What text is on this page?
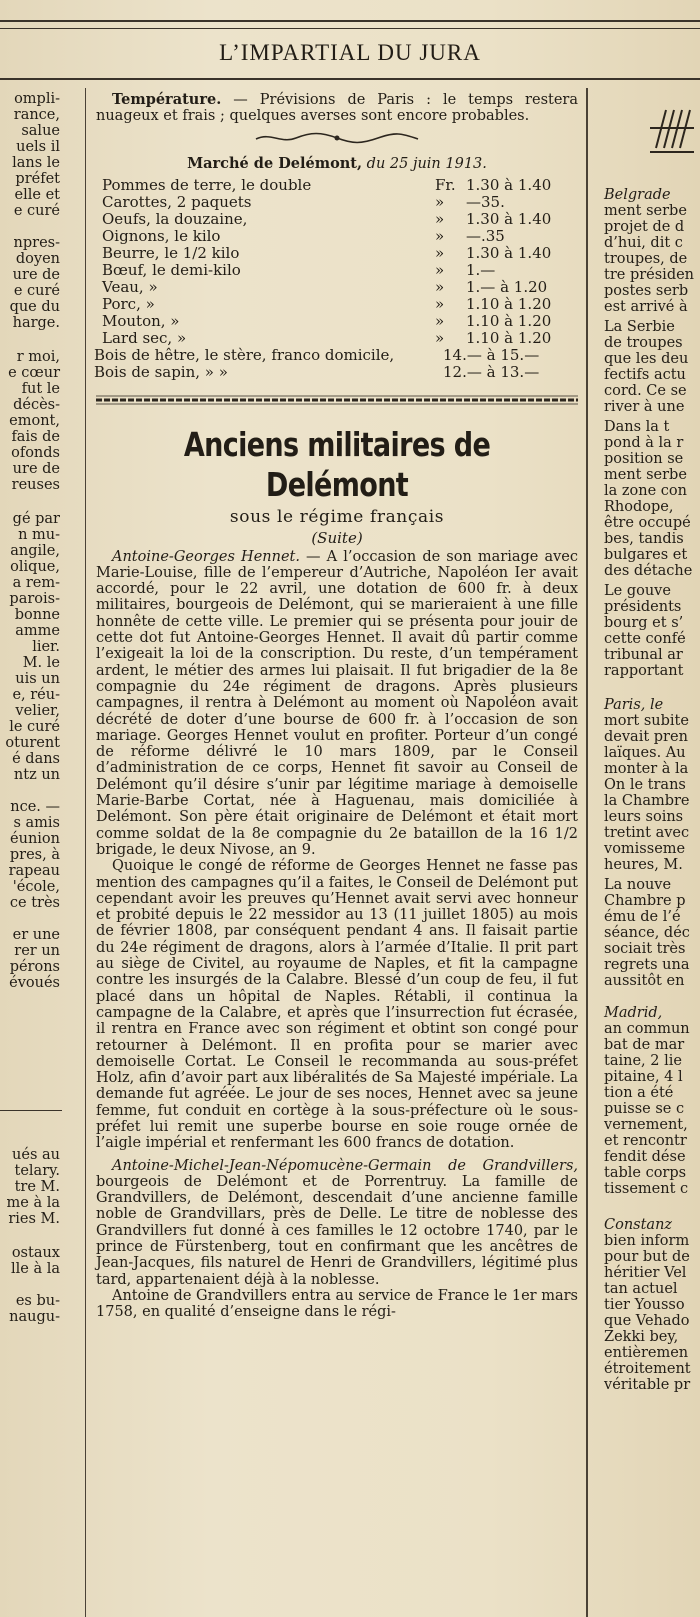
L’IMPARTIAL DU JURA
ompli-
rance,
salue
uels il
lans le
préfet
elle et
e curé
npres-
doyen
ure de
e curé
que du
harge.
r moi,
e cœur
fut le
décès-
emont,
fais de
ofonds
ure de
reuses
gé par
n mu-
angile,
olique,
a rem-
parois-
bonne
amme
lier.
M. le
uis un
e, réu-
velier,
le curé
oturent
é dans
ntz un
nce. —
s amis
éunion
pres, à
rapeau
'école,
ce très
er une
rer un
pérons
évoués
ués au
telary.
tre M.
me à la
ries M.
ostaux
lle à la
es bu-
naugu-

Température. — Prévisions de Paris : le temps restera nuageux et frais ; quelques averses sont encore probables.

Marché de Delémont, du 25 juin 1913.
Pommes de terre, le double	Fr. 1.30 à 1.40
Carottes, 2 paquets	» —35.
Oeufs, la douzaine,	» 1.30 à 1.40
Oignons, le kilo	» —.35
Beurre, le 1/2 kilo	» 1.30 à 1.40
Bœuf, le demi-kilo	» 1.—
Veau, »	» 1.— à 1.20
Porc, »	» 1.10 à 1.20
Mouton, »	» 1.10 à 1.20
Lard sec, »	» 1.10 à 1.20
Bois de hêtre, le stère, franco domicile,	14.— à 15.—
Bois de sapin, » »	12.— à 13.—
Anciens militaires de Delémont
sous le régime français
(Suite)

Antoine-Georges Hennet. — A l’occasion de son mariage avec Marie-Louise, fille de l’empereur d’Autriche, Napoléon Ier avait accordé, pour le 22 avril, une dotation de 600 fr. à deux militaires, bourgeois de Delémont, qui se marieraient à une fille honnête de cette ville. Le premier qui se présenta pour jouir de cette dot fut Antoine-Georges Hennet. Il avait dû partir comme l’exigeait la loi de la conscription. Du reste, d’un tempérament ardent, le métier des armes lui plaisait. Il fut brigadier de la 8e compagnie du 24e régiment de dragons. Après plusieurs campagnes, il rentra à Delémont au moment où Napoléon avait décrété de doter d’une bourse de 600 fr. à l’occasion de son mariage. Georges Hennet voulut en profiter. Porteur d’un congé de réforme délivré le 10 mars 1809, par le Conseil d’administration de ce corps, Hennet fit savoir au Conseil de Delémont qu’il désire s’unir par légitime mariage à demoiselle Marie-Barbe Cortat, née à Haguenau, mais domiciliée à Delémont. Son père était originaire de Delémont et était mort comme soldat de la 8e compagnie du 2e bataillon de la 16 1/2 brigade, le deux Nivose, an 9.

Quoique le congé de réforme de Georges Hennet ne fasse pas mention des campagnes qu’il a faites, le Conseil de Delémont put cependant avoir les preuves qu’Hennet avait servi avec honneur et probité depuis le 22 messidor au 13 (11 juillet 1805) au mois de février 1808, par conséquent pendant 4 ans. Il faisait partie du 24e régiment de dragons, alors à l’armée d’Italie. Il prit part au siège de Civitel, au royaume de Naples, et fit la campagne contre les insurgés de la Calabre. Blessé d’un coup de feu, il fut placé dans un hôpital de Naples. Rétabli, il continua la campagne de la Calabre, et après que l’insurrection fut écrasée, il rentra en France avec son régiment et obtint son congé pour retourner à Delémont. Il en profita pour se marier avec demoiselle Cortat. Le Conseil le recommanda au sous-préfet Holz, afin d’avoir part aux libéralités de Sa Majesté impériale. La demande fut agréée. Le jour de ses noces, Hennet avec sa jeune femme, fut conduit en cortège à la sous-préfecture où le sous-préfet lui remit une superbe bourse en soie rouge ornée de l’aigle impérial et renfermant les 600 francs de dotation.

Antoine-Michel-Jean-Népomucène-Germain de Grandvillers, bourgeois de Delémont et de Porrentruy. La famille de Grandvillers, de Delémont, descendait d’une ancienne famille noble de Grandvillars, près de Delle. Le titre de noblesse des Grandvillers fut donné à ces familles le 12 octobre 1740, par le prince de Fürstenberg, tout en confirmant que les ancêtres de Jean-Jacques, fils naturel de Henri de Grandvillers, légitimé plus tard, appartenaient déjà à la noblesse.

Antoine de Grandvillers entra au service de France le 1er mars 1758, en qualité d’enseigne dans le régi-

Belgrade
ment serbe
projet de d
d’hui, dit c
troupes, de
tre présiden
postes serb
est arrivé à
La Serbie
de troupes
que les deu
fectifs actu
cord. Ce se
river à une
Dans la t
pond à la r
position se
ment serbe
la zone con
Rhodope,
être occupé
bes, tandis
bulgares et
des détache
Le gouve
présidents
bourg et s’
cette confé
tribunal ar
rapportant
Paris, le
mort subite
devait pren
laïques. Au
monter à la
On le trans
la Chambre
leurs soins
tretint avec
vomisseme
heures, M.
La nouve
Chambre p
ému de l’é
séance, déc
sociait très
regrets una
aussitôt en
Madrid,
an commun
bat de mar
taine, 2 lie
pitaine, 4 l
tion a été
puisse se c
vernement,
et rencontr
fendit dése
table corps
tissement c
Constanz
bien inform
pour but de
héritier Vel
tan actuel
tier Yousso
que Vehado
Zekki bey,
entièremen
étroitement
véritable pr
